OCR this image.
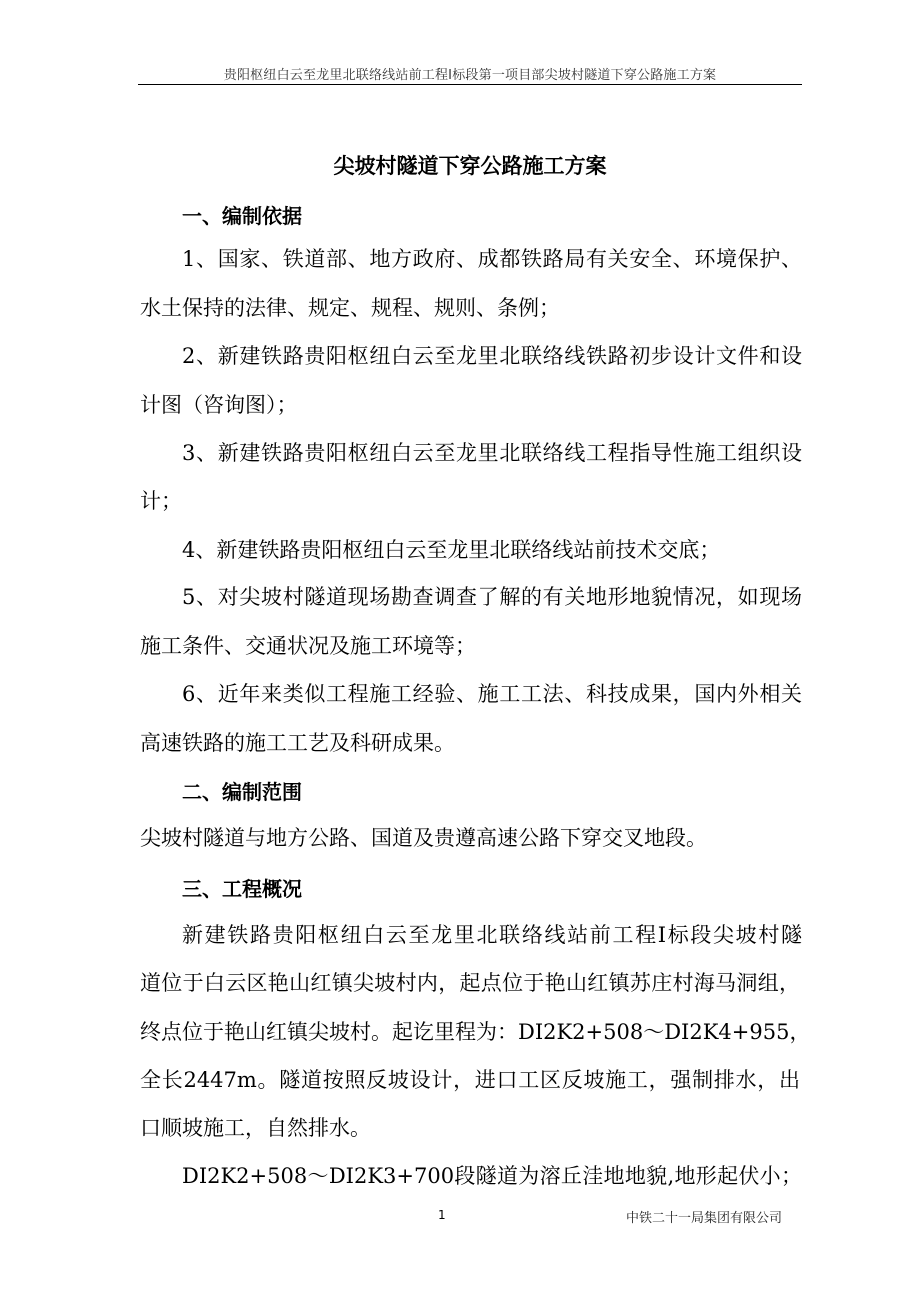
贵阳枢纽白云至龙里北联络线站前工程Ⅰ标段第一项目部尖坡村隧道下穿公路施工方案
尖坡村隧道下穿公路施工方案
一、编制依据
1、国家、铁道部、地方政府、成都铁路局有关安全、环境保护、
水土保持的法律、规定、规程、规则、条例；
2、新建铁路贵阳枢纽白云至龙里北联络线铁路初步设计文件和设
计图（咨询图）；
3、新建铁路贵阳枢纽白云至龙里北联络线工程指导性施工组织设
计；
4、新建铁路贵阳枢纽白云至龙里北联络线站前技术交底；
5、对尖坡村隧道现场勘查调查了解的有关地形地貌情况，如现场
施工条件、交通状况及施工环境等；
6、近年来类似工程施工经验、施工工法、科技成果，国内外相关
高速铁路的施工工艺及科研成果。
二、编制范围
尖坡村隧道与地方公路、国道及贵遵高速公路下穿交叉地段。
三、工程概况
新建铁路贵阳枢纽白云至龙里北联络线站前工程Ⅰ标段尖坡村隧
道位于白云区艳山红镇尖坡村内，起点位于艳山红镇苏庄村海马洞组，
终点位于艳山红镇尖坡村。起讫里程为：DI2K2+508～DI2K4+955，
全长2447m。隧道按照反坡设计，进口工区反坡施工，强制排水，出
口顺坡施工，自然排水。
DI2K2+508～DI2K3+700段隧道为溶丘洼地地貌,地形起伏小；
1	中铁二十一局集团有限公司
